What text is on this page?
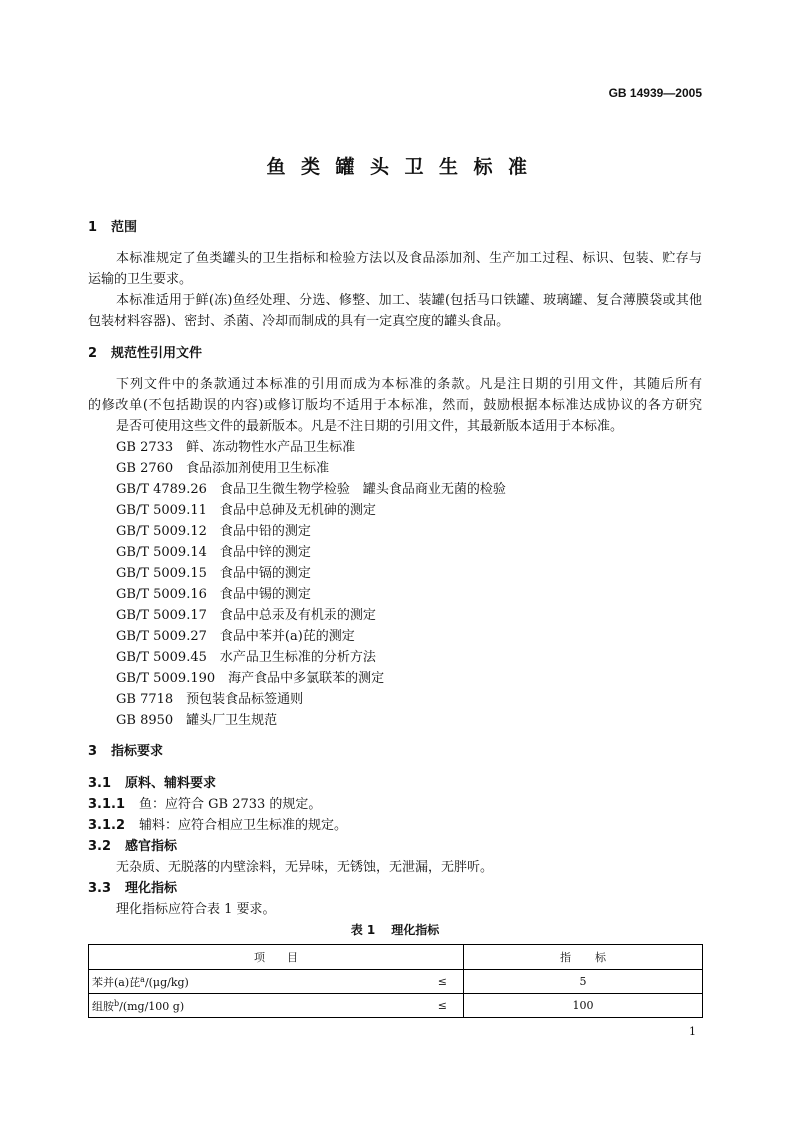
GB 14939—2005
鱼类罐头卫生标准
1 范围
本标准规定了鱼类罐头的卫生指标和检验方法以及食品添加剂、生产加工过程、标识、包装、贮存与
运输的卫生要求。
本标准适用于鲜(冻)鱼经处理、分选、修整、加工、装罐(包括马口铁罐、玻璃罐、复合薄膜袋或其他
包装材料容器)、密封、杀菌、冷却而制成的具有一定真空度的罐头食品。
2 规范性引用文件
下列文件中的条款通过本标准的引用而成为本标准的条款。凡是注日期的引用文件，其随后所有
的修改单(不包括勘误的内容)或修订版均不适用于本标准，然而，鼓励根据本标准达成协议的各方研究
是否可使用这些文件的最新版本。凡是不注日期的引用文件，其最新版本适用于本标准。
GB 2733 鲜、冻动物性水产品卫生标准
GB 2760 食品添加剂使用卫生标准
GB/T 4789.26 食品卫生微生物学检验　罐头食品商业无菌的检验
GB/T 5009.11 食品中总砷及无机砷的测定
GB/T 5009.12 食品中铅的测定
GB/T 5009.14 食品中锌的测定
GB/T 5009.15 食品中镉的测定
GB/T 5009.16 食品中锡的测定
GB/T 5009.17 食品中总汞及有机汞的测定
GB/T 5009.27 食品中苯并(a)芘的测定
GB/T 5009.45 水产品卫生标准的分析方法
GB/T 5009.190 海产食品中多氯联苯的测定
GB 7718 预包装食品标签通则
GB 8950 罐头厂卫生规范
3 指标要求
3.1 原料、辅料要求
3.1.1 鱼：应符合 GB 2733 的规定。
3.1.2 辅料：应符合相应卫生标准的规定。
3.2 感官指标
无杂质、无脱落的内壁涂料，无异味，无锈蚀，无泄漏，无胖听。
3.3 理化指标
理化指标应符合表 1 要求。
表 1 理化指标
项目	指标
苯并(a)芘$^a$/(μg/kg) ≤	5
组胺$^b$/(mg/100 g) ≤	100
1
